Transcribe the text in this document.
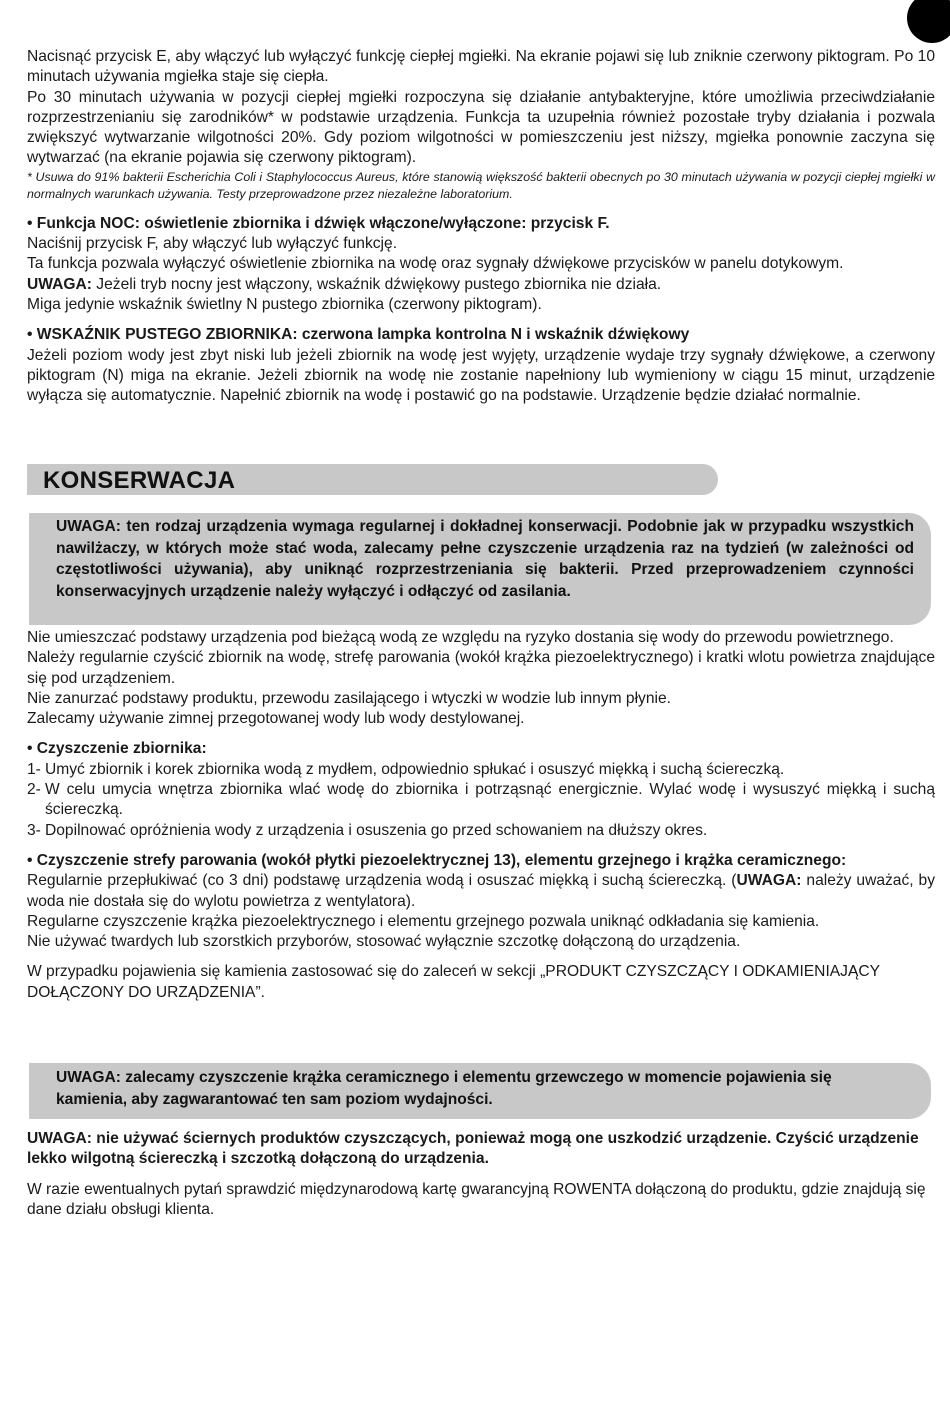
Nacisnąć przycisk E, aby włączyć lub wyłączyć funkcję ciepłej mgiełki. Na ekranie pojawi się lub zniknie czerwony piktogram. Po 10 minutach używania mgiełka staje się ciepła.

Po 30 minutach używania w pozycji ciepłej mgiełki rozpoczyna się działanie antybakteryjne, które umożliwia przeciwdziałanie rozprzestrzenianiu się zarodników* w podstawie urządzenia. Funkcja ta uzupełnia również pozostałe tryby działania i pozwala zwiększyć wytwarzanie wilgotności 20%. Gdy poziom wilgotności w pomieszczeniu jest niższy, mgiełka ponownie zaczyna się wytwarzać (na ekranie pojawia się czerwony piktogram).

* Usuwa do 91% bakterii Escherichia Coli i Staphylococcus Aureus, które stanowią większość bakterii obecnych po 30 minutach używania w pozycji ciepłej mgiełki w normalnych warunkach używania. Testy przeprowadzone przez niezależne laboratorium.

• Funkcja NOC: oświetlenie zbiornika i dźwięk włączone/wyłączone: przycisk F.

Naciśnij przycisk F, aby włączyć lub wyłączyć funkcję.

Ta funkcja pozwala wyłączyć oświetlenie zbiornika na wodę oraz sygnały dźwiękowe przycisków w panelu dotykowym.

UWAGA: Jeżeli tryb nocny jest włączony, wskaźnik dźwiękowy pustego zbiornika nie działa.

Miga jedynie wskaźnik świetlny N pustego zbiornika (czerwony piktogram).

• WSKAŹNIK PUSTEGO ZBIORNIKA: czerwona lampka kontrolna N i wskaźnik dźwiękowy

Jeżeli poziom wody jest zbyt niski lub jeżeli zbiornik na wodę jest wyjęty, urządzenie wydaje trzy sygnały dźwiękowe, a czerwony piktogram (N) miga na ekranie. Jeżeli zbiornik na wodę nie zostanie napełniony lub wymieniony w ciągu 15 minut, urządzenie wyłącza się automatycznie. Napełnić zbiornik na wodę i postawić go na podstawie. Urządzenie będzie działać normalnie.

KONSERWACJA
UWAGA: ten rodzaj urządzenia wymaga regularnej i dokładnej konserwacji. Podobnie jak w przypadku wszystkich nawilżaczy, w których może stać woda, zalecamy pełne czyszczenie urządzenia raz na tydzień (w zależności od częstotliwości używania), aby uniknąć rozprzestrzeniania się bakterii. Przed przeprowadzeniem czynności konserwacyjnych urządzenie należy wyłączyć i odłączyć od zasilania.

Nie umieszczać podstawy urządzenia pod bieżącą wodą ze względu na ryzyko dostania się wody do przewodu powietrznego.

Należy regularnie czyścić zbiornik na wodę, strefę parowania (wokół krążka piezoelektrycznego) i kratki wlotu powietrza znajdujące się pod urządzeniem.

Nie zanurzać podstawy produktu, przewodu zasilającego i wtyczki w wodzie lub innym płynie.

Zalecamy używanie zimnej przegotowanej wody lub wody destylowanej.

• Czyszczenie zbiornika:

1- Umyć zbiornik i korek zbiornika wodą z mydłem, odpowiednio spłukać i osuszyć miękką i suchą ściereczką.

2- W celu umycia wnętrza zbiornika wlać wodę do zbiornika i potrząsnąć energicznie. Wylać wodę i wysuszyć miękką i suchą ściereczką.

3- Dopilnować opróżnienia wody z urządzenia i osuszenia go przed schowaniem na dłuższy okres.

• Czyszczenie strefy parowania (wokół płytki piezoelektrycznej 13), elementu grzejnego i krążka ceramicznego:

Regularnie przepłukiwać (co 3 dni) podstawę urządzenia wodą i osuszać miękką i suchą ściereczką. (UWAGA: należy uważać, by woda nie dostała się do wylotu powietrza z wentylatora).

Regularne czyszczenie krążka piezoelektrycznego i elementu grzejnego pozwala uniknąć odkładania się kamienia.

Nie używać twardych lub szorstkich przyborów, stosować wyłącznie szczotkę dołączoną do urządzenia.

W przypadku pojawienia się kamienia zastosować się do zaleceń w sekcji „PRODUKT CZYSZCZĄCY I ODKAMIENIAJĄCY DOŁĄCZONY DO URZĄDZENIA”.

UWAGA: zalecamy czyszczenie krążka ceramicznego i elementu grzewczego w momencie pojawienia się kamienia, aby zagwarantować ten sam poziom wydajności.

UWAGA: nie używać ściernych produktów czyszczących, ponieważ mogą one uszkodzić urządzenie. Czyścić urządzenie lekko wilgotną ściereczką i szczotką dołączoną do urządzenia.

W razie ewentualnych pytań sprawdzić międzynarodową kartę gwarancyjną ROWENTA dołączoną do produktu, gdzie znajdują się dane działu obsługi klienta.
